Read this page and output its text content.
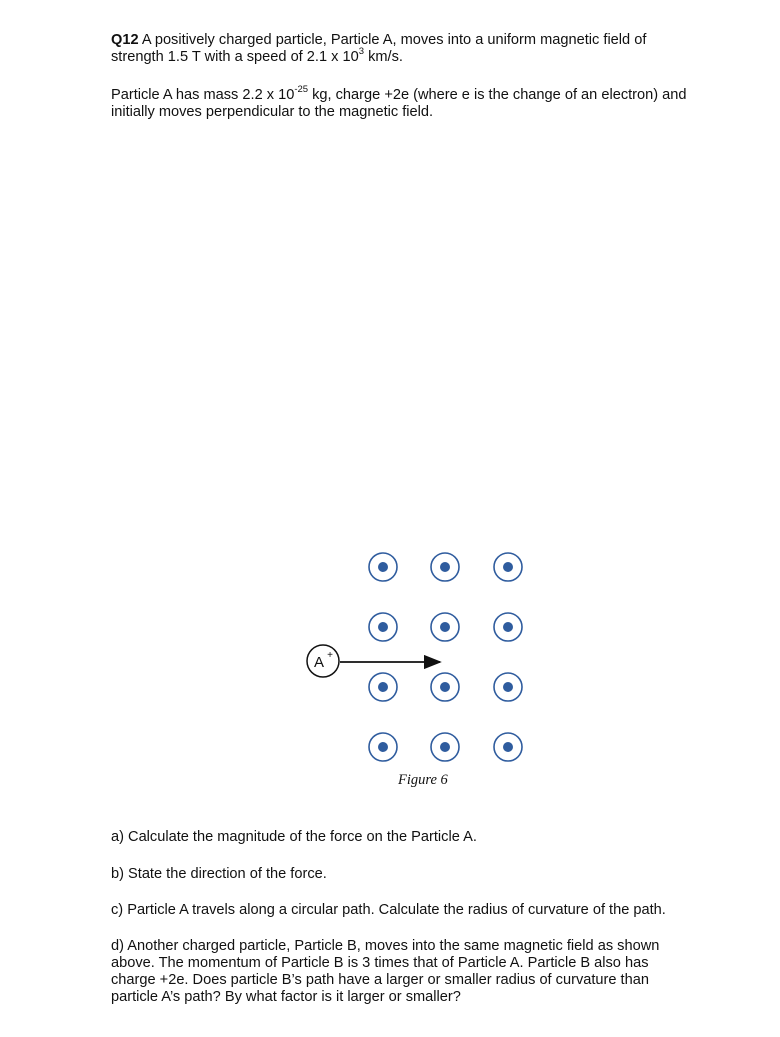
Q12 A positively charged particle, Particle A, moves into a uniform magnetic field of
strength 1.5 T with a speed of 2.1 x $10^3$ km/s.

Particle A has mass 2.2 x $10^{-25}$ kg, charge +2e (where e is the change of an electron) and
initially moves perpendicular to the magnetic field.

A +
Figure 6

a) Calculate the magnitude of the force on the Particle A.

b) State the direction of the force.

c) Particle A travels along a circular path. Calculate the radius of curvature of the path.

d) Another charged particle, Particle B, moves into the same magnetic field as shown
above. The momentum of Particle B is 3 times that of Particle A. Particle B also has
charge +2e. Does particle B’s path have a larger or smaller radius of curvature than
particle A’s path? By what factor is it larger or smaller?
